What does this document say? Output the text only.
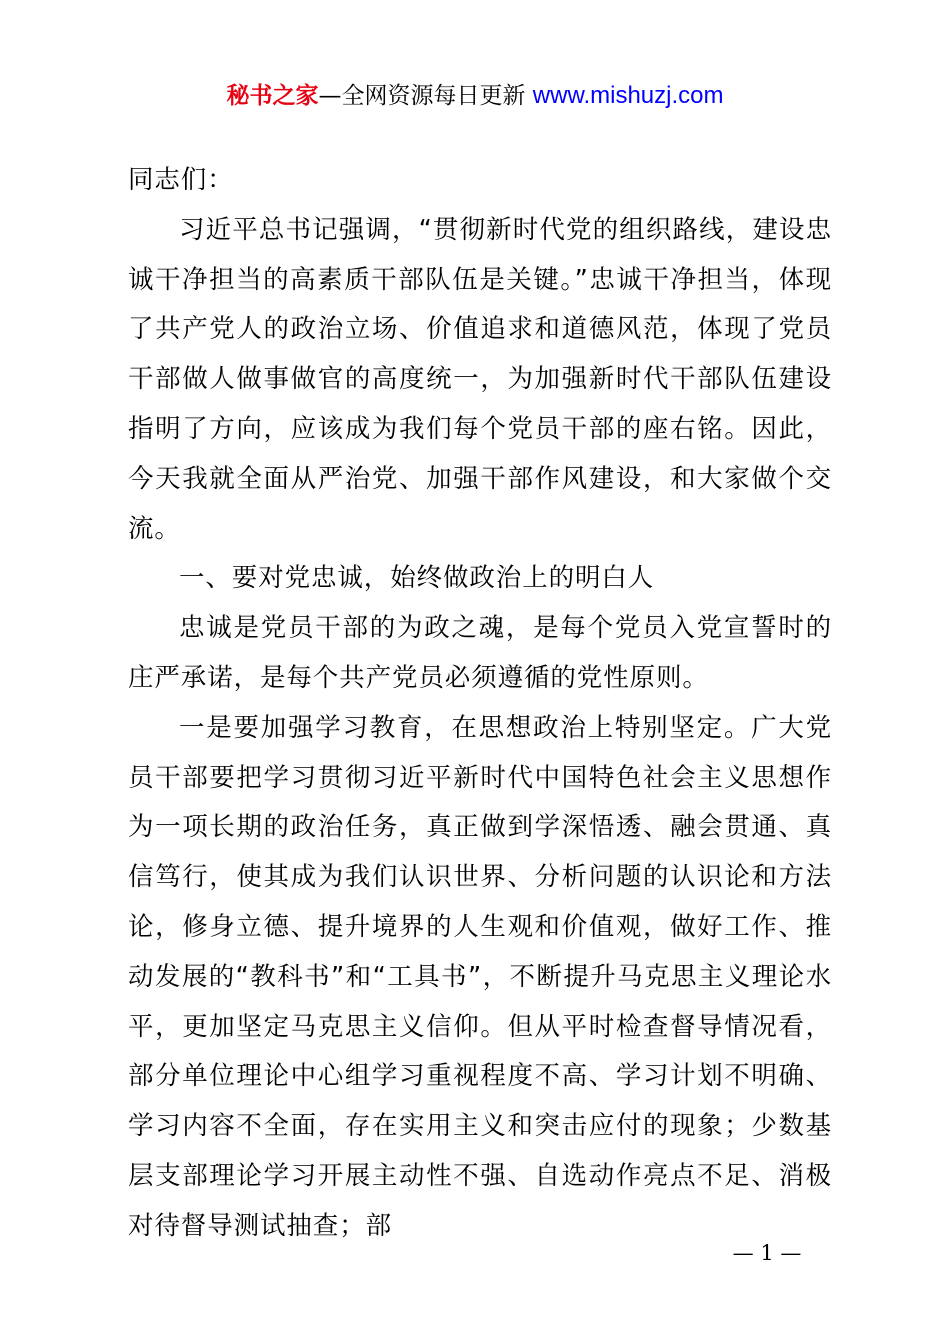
秘书之家—全网资源每日更新 www.mishuzj.com

同志们：

习近平总书记强调，“贯彻新时代党的组织路线，建设忠诚干净担当的高素质干部队伍是关键。”忠诚干净担当，体现了共产党人的政治立场、价值追求和道德风范，体现了党员干部做人做事做官的高度统一，为加强新时代干部队伍建设指明了方向，应该成为我们每个党员干部的座右铭。因此，今天我就全面从严治党、加强干部作风建设，和大家做个交流。

一、要对党忠诚，始终做政治上的明白人

忠诚是党员干部的为政之魂，是每个党员入党宣誓时的庄严承诺，是每个共产党员必须遵循的党性原则。

一是要加强学习教育，在思想政治上特别坚定。广大党员干部要把学习贯彻习近平新时代中国特色社会主义思想作为一项长期的政治任务，真正做到学深悟透、融会贯通、真信笃行，使其成为我们认识世界、分析问题的认识论和方法论，修身立德、提升境界的人生观和价值观，做好工作、推动发展的“教科书”和“工具书”，不断提升马克思主义理论水平，更加坚定马克思主义信仰。但从平时检查督导情况看，部分单位理论中心组学习重视程度不高、学习计划不明确、学习内容不全面，存在实用主义和突击应付的现象；少数基层支部理论学习开展主动性不强、自选动作亮点不足、消极对待督导测试抽查；部

— 1 —
